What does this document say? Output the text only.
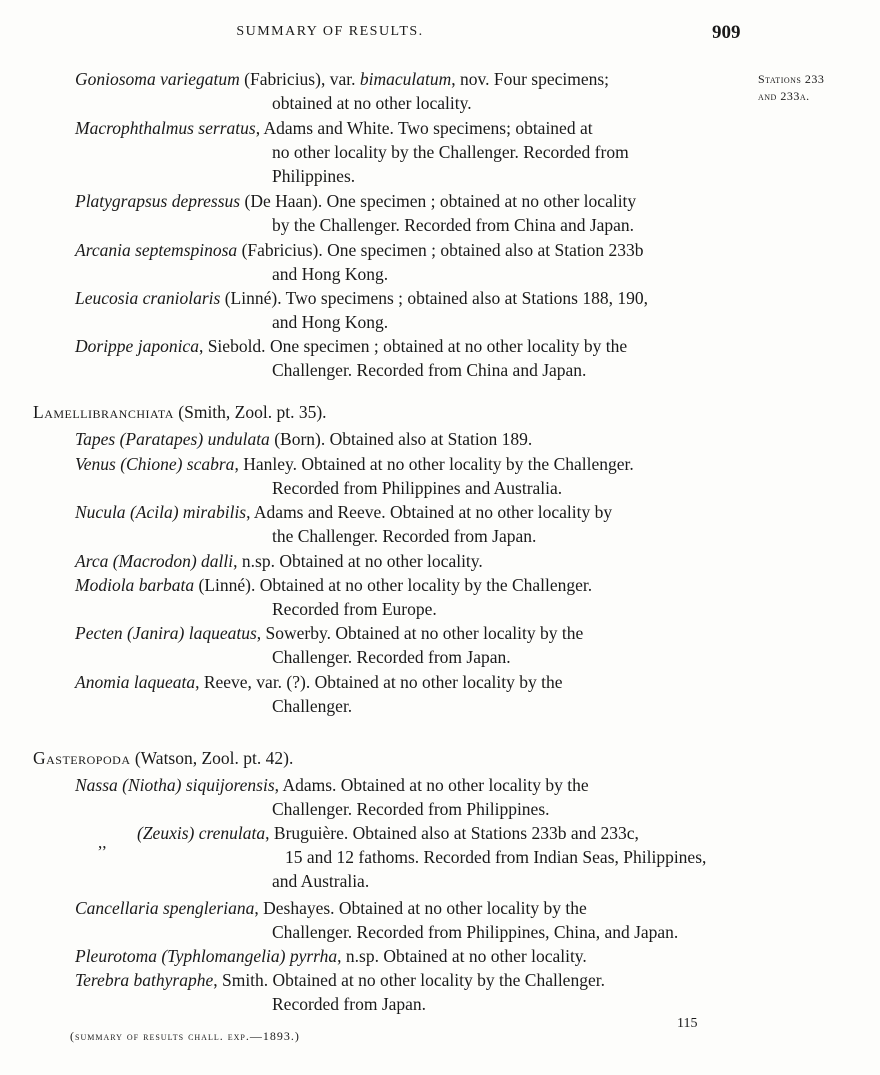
SUMMARY OF RESULTS.	909
Stations 233
and 233a.
Goniosoma variegatum (Fabricius), var. bimaculatum, nov. Four specimens;
obtained at no other locality.
Macrophthalmus serratus, Adams and White. Two specimens; obtained at
no other locality by the Challenger. Recorded from
Philippines.
Platygrapsus depressus (De Haan). One specimen ; obtained at no other locality
by the Challenger. Recorded from China and Japan.
Arcania septemspinosa (Fabricius). One specimen ; obtained also at Station 233b
and Hong Kong.
Leucosia craniolaris (Linné). Two specimens ; obtained also at Stations 188, 190,
and Hong Kong.
Dorippe japonica, Siebold. One specimen ; obtained at no other locality by the
Challenger. Recorded from China and Japan.
Lamellibranchiata (Smith, Zool. pt. 35).
Tapes (Paratapes) undulata (Born). Obtained also at Station 189.
Venus (Chione) scabra, Hanley. Obtained at no other locality by the Challenger.
Recorded from Philippines and Australia.
Nucula (Acila) mirabilis, Adams and Reeve. Obtained at no other locality by
the Challenger. Recorded from Japan.
Arca (Macrodon) dalli, n.sp. Obtained at no other locality.
Modiola barbata (Linné). Obtained at no other locality by the Challenger.
Recorded from Europe.
Pecten (Janira) laqueatus, Sowerby. Obtained at no other locality by the
Challenger. Recorded from Japan.
Anomia laqueata, Reeve, var. (?). Obtained at no other locality by the
Challenger.
Gasteropoda (Watson, Zool. pt. 42).
Nassa (Niotha) siquijorensis, Adams. Obtained at no other locality by the
Challenger. Recorded from Philippines.
,, (Zeuxis) crenulata, Bruguière. Obtained also at Stations 233b and 233c,
15 and 12 fathoms. Recorded from Indian Seas, Philippines,
and Australia.
Cancellaria spengleriana, Deshayes. Obtained at no other locality by the
Challenger. Recorded from Philippines, China, and Japan.
Pleurotoma (Typhlomangelia) pyrrha, n.sp. Obtained at no other locality.
Terebra bathyraphe, Smith. Obtained at no other locality by the Challenger.
Recorded from Japan.
(summary of results chall. exp.—1893.)
115
